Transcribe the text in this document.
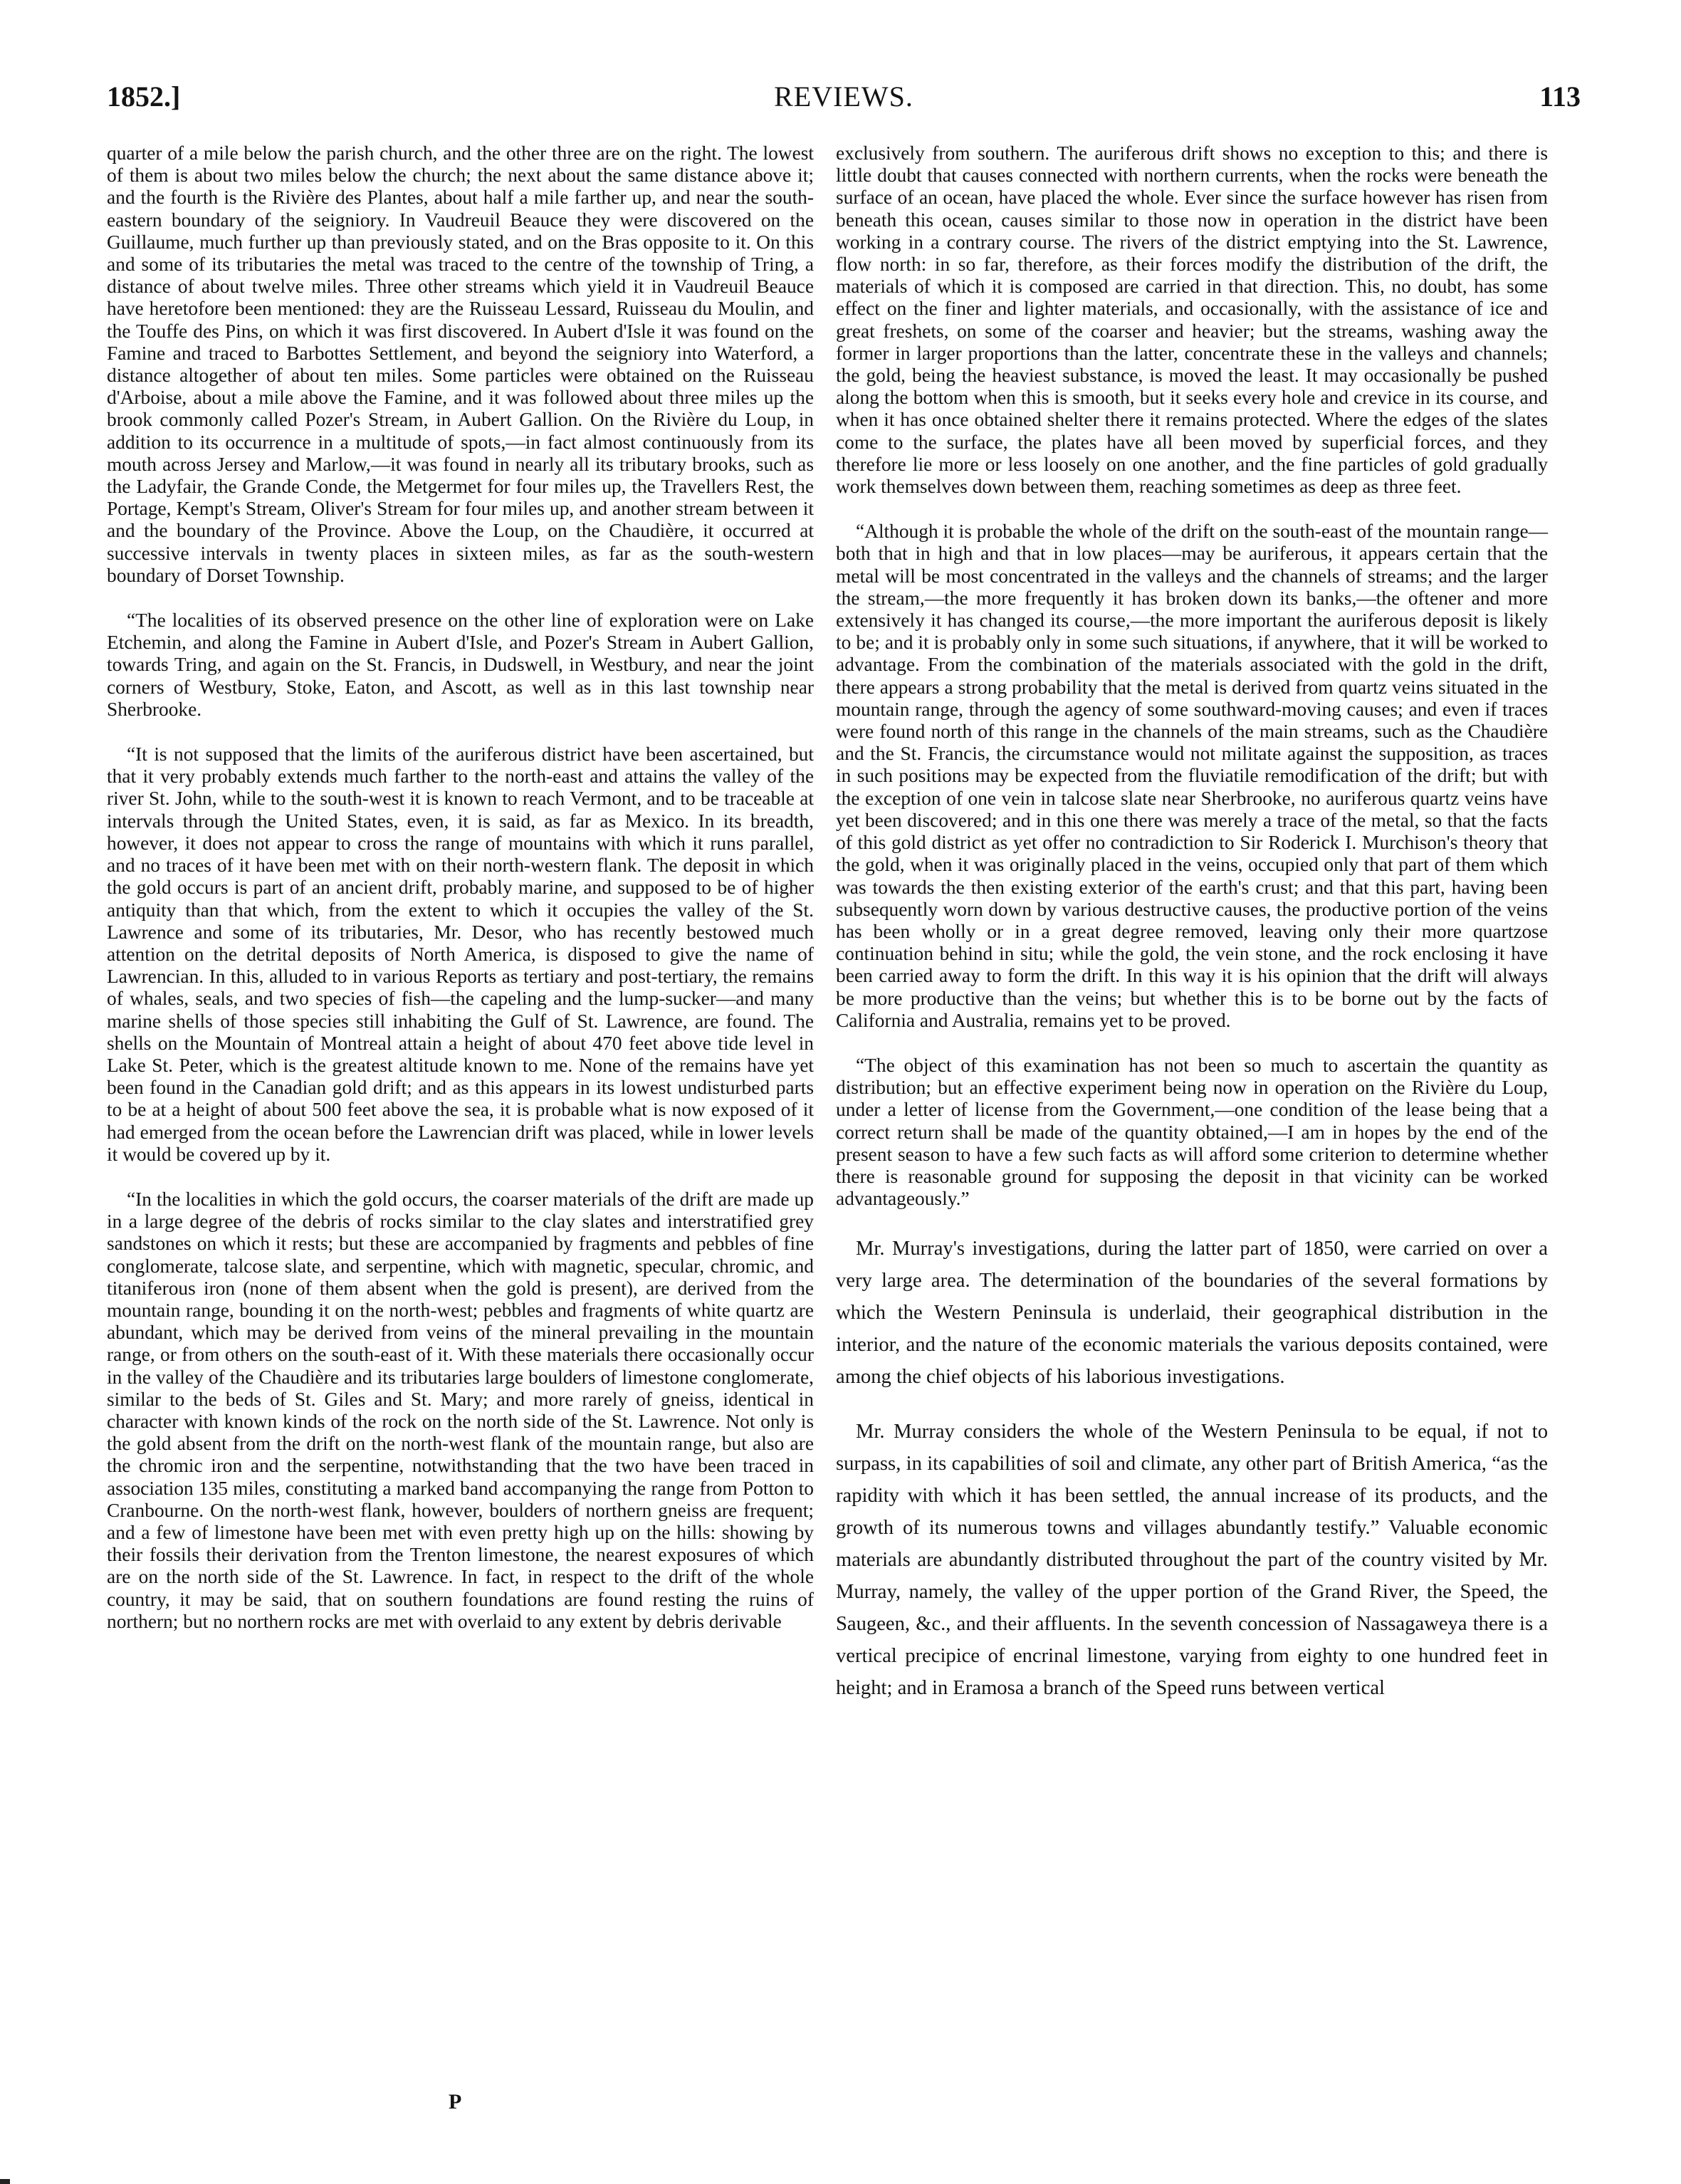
1852.]	REVIEWS.	113

quarter of a mile below the parish church, and the other three are on the right. The lowest of them is about two miles below the church; the next about the same distance above it; and the fourth is the Rivière des Plantes, about half a mile farther up, and near the south-eastern boundary of the seigniory. In Vaudreuil Beauce they were discovered on the Guillaume, much further up than previously stated, and on the Bras opposite to it. On this and some of its tributaries the metal was traced to the centre of the township of Tring, a distance of about twelve miles. Three other streams which yield it in Vaudreuil Beauce have heretofore been mentioned: they are the Ruisseau Lessard, Ruisseau du Moulin, and the Touffe des Pins, on which it was first discovered. In Aubert d'Isle it was found on the Famine and traced to Barbottes Settlement, and beyond the seigniory into Waterford, a distance altogether of about ten miles. Some particles were obtained on the Ruisseau d'Arboise, about a mile above the Famine, and it was followed about three miles up the brook commonly called Pozer's Stream, in Aubert Gallion. On the Rivière du Loup, in addition to its occurrence in a multitude of spots,—in fact almost continuously from its mouth across Jersey and Marlow,—it was found in nearly all its tributary brooks, such as the Ladyfair, the Grande Conde, the Metgermet for four miles up, the Travellers Rest, the Portage, Kempt's Stream, Oliver's Stream for four miles up, and another stream between it and the boundary of the Province. Above the Loup, on the Chaudière, it occurred at successive intervals in twenty places in sixteen miles, as far as the south-western boundary of Dorset Township.

“The localities of its observed presence on the other line of exploration were on Lake Etchemin, and along the Famine in Aubert d'Isle, and Pozer's Stream in Aubert Gallion, towards Tring, and again on the St. Francis, in Dudswell, in Westbury, and near the joint corners of Westbury, Stoke, Eaton, and Ascott, as well as in this last township near Sherbrooke.

“It is not supposed that the limits of the auriferous district have been ascertained, but that it very probably extends much farther to the north-east and attains the valley of the river St. John, while to the south-west it is known to reach Vermont, and to be traceable at intervals through the United States, even, it is said, as far as Mexico. In its breadth, however, it does not appear to cross the range of mountains with which it runs parallel, and no traces of it have been met with on their north-western flank. The deposit in which the gold occurs is part of an ancient drift, probably marine, and supposed to be of higher antiquity than that which, from the extent to which it occupies the valley of the St. Lawrence and some of its tributaries, Mr. Desor, who has recently bestowed much attention on the detrital deposits of North America, is disposed to give the name of Lawrencian. In this, alluded to in various Reports as tertiary and post-tertiary, the remains of whales, seals, and two species of fish—the capeling and the lump-sucker—and many marine shells of those species still inhabiting the Gulf of St. Lawrence, are found. The shells on the Mountain of Montreal attain a height of about 470 feet above tide level in Lake St. Peter, which is the greatest altitude known to me. None of the remains have yet been found in the Canadian gold drift; and as this appears in its lowest undisturbed parts to be at a height of about 500 feet above the sea, it is probable what is now exposed of it had emerged from the ocean before the Lawrencian drift was placed, while in lower levels it would be covered up by it.

“In the localities in which the gold occurs, the coarser materials of the drift are made up in a large degree of the debris of rocks similar to the clay slates and interstratified grey sandstones on which it rests; but these are accompanied by fragments and pebbles of fine conglomerate, talcose slate, and serpentine, which with magnetic, specular, chromic, and titaniferous iron (none of them absent when the gold is present), are derived from the mountain range, bounding it on the north-west; pebbles and fragments of white quartz are abundant, which may be derived from veins of the mineral prevailing in the mountain range, or from others on the south-east of it. With these materials there occasionally occur in the valley of the Chaudière and its tributaries large boulders of limestone conglomerate, similar to the beds of St. Giles and St. Mary; and more rarely of gneiss, identical in character with known kinds of the rock on the north side of the St. Lawrence. Not only is the gold absent from the drift on the north-west flank of the mountain range, but also are the chromic iron and the serpentine, notwithstanding that the two have been traced in association 135 miles, constituting a marked band accompanying the range from Potton to Cranbourne. On the north-west flank, however, boulders of northern gneiss are frequent; and a few of limestone have been met with even pretty high up on the hills: showing by their fossils their derivation from the Trenton limestone, the nearest exposures of which are on the north side of the St. Lawrence. In fact, in respect to the drift of the whole country, it may be said, that on southern foundations are found resting the ruins of northern; but no northern rocks are met with overlaid to any extent by debris derivable

exclusively from southern. The auriferous drift shows no exception to this; and there is little doubt that causes connected with northern currents, when the rocks were beneath the surface of an ocean, have placed the whole. Ever since the surface however has risen from beneath this ocean, causes similar to those now in operation in the district have been working in a contrary course. The rivers of the district emptying into the St. Lawrence, flow north: in so far, therefore, as their forces modify the distribution of the drift, the materials of which it is composed are carried in that direction. This, no doubt, has some effect on the finer and lighter materials, and occasionally, with the assistance of ice and great freshets, on some of the coarser and heavier; but the streams, washing away the former in larger proportions than the latter, concentrate these in the valleys and channels; the gold, being the heaviest substance, is moved the least. It may occasionally be pushed along the bottom when this is smooth, but it seeks every hole and crevice in its course, and when it has once obtained shelter there it remains protected. Where the edges of the slates come to the surface, the plates have all been moved by superficial forces, and they therefore lie more or less loosely on one another, and the fine particles of gold gradually work themselves down between them, reaching sometimes as deep as three feet.

“Although it is probable the whole of the drift on the south-east of the mountain range—both that in high and that in low places—may be auriferous, it appears certain that the metal will be most concentrated in the valleys and the channels of streams; and the larger the stream,—the more frequently it has broken down its banks,—the oftener and more extensively it has changed its course,—the more important the auriferous deposit is likely to be; and it is probably only in some such situations, if anywhere, that it will be worked to advantage. From the combination of the materials associated with the gold in the drift, there appears a strong probability that the metal is derived from quartz veins situated in the mountain range, through the agency of some southward-moving causes; and even if traces were found north of this range in the channels of the main streams, such as the Chaudière and the St. Francis, the circumstance would not militate against the supposition, as traces in such positions may be expected from the fluviatile remodification of the drift; but with the exception of one vein in talcose slate near Sherbrooke, no auriferous quartz veins have yet been discovered; and in this one there was merely a trace of the metal, so that the facts of this gold district as yet offer no contradiction to Sir Roderick I. Murchison's theory that the gold, when it was originally placed in the veins, occupied only that part of them which was towards the then existing exterior of the earth's crust; and that this part, having been subsequently worn down by various destructive causes, the productive portion of the veins has been wholly or in a great degree removed, leaving only their more quartzose continuation behind in situ; while the gold, the vein stone, and the rock enclosing it have been carried away to form the drift. In this way it is his opinion that the drift will always be more productive than the veins; but whether this is to be borne out by the facts of California and Australia, remains yet to be proved.

“The object of this examination has not been so much to ascertain the quantity as distribution; but an effective experiment being now in operation on the Rivière du Loup, under a letter of license from the Government,—one condition of the lease being that a correct return shall be made of the quantity obtained,—I am in hopes by the end of the present season to have a few such facts as will afford some criterion to determine whether there is reasonable ground for supposing the deposit in that vicinity can be worked advantageously.”

Mr. Murray's investigations, during the latter part of 1850, were carried on over a very large area. The determination of the boundaries of the several formations by which the Western Peninsula is underlaid, their geographical distribution in the interior, and the nature of the economic materials the various deposits contained, were among the chief objects of his laborious investigations.

Mr. Murray considers the whole of the Western Peninsula to be equal, if not to surpass, in its capabilities of soil and climate, any other part of British America, “as the rapidity with which it has been settled, the annual increase of its products, and the growth of its numerous towns and villages abundantly testify.” Valuable economic materials are abundantly distributed throughout the part of the country visited by Mr. Murray, namely, the valley of the upper portion of the Grand River, the Speed, the Saugeen, &c., and their affluents. In the seventh concession of Nassagaweya there is a vertical precipice of encrinal limestone, varying from eighty to one hundred feet in height; and in Eramosa a branch of the Speed runs between vertical

P
